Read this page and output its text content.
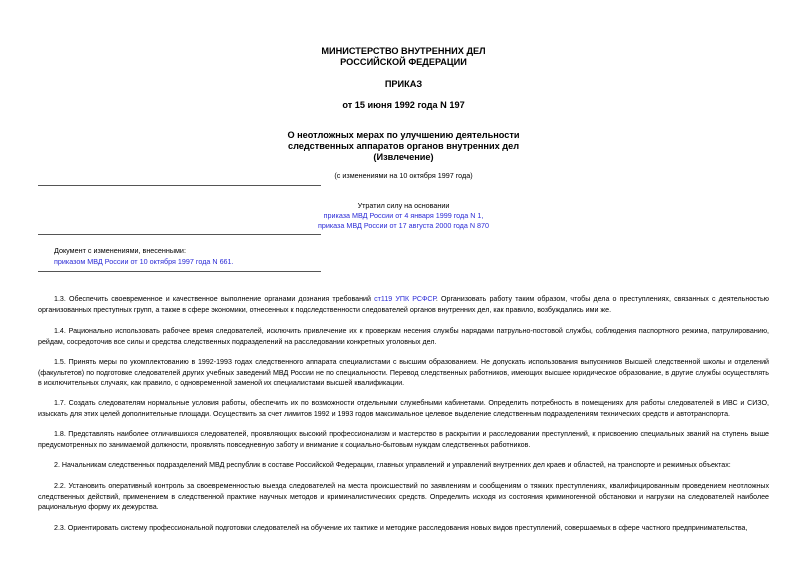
МИНИСТЕРСТВО ВНУТРЕННИХ ДЕЛ
РОССИЙСКОЙ ФЕДЕРАЦИИ
ПРИКАЗ
от 15 июня 1992 года N 197
О неотложных мерах по улучшению деятельности
следственных аппаратов органов внутренних дел
(Извлечение)
(с изменениями на 10 октября 1997 года)
Утратил силу на основании
приказа МВД России от 4 января 1999 года N 1,
приказа МВД России от 17 августа 2000 года N 870
Документ с изменениями, внесенными:
приказом МВД России от 10 октября 1997 года N 661.
1.3. Обеспечить своевременное и качественное выполнение органами дознания требований ст119 УПК РСФСР. Организовать работу таким образом, чтобы дела о преступлениях, связанных с деятельностью организованных преступных групп, а также в сфере экономики, отнесенных к подследственности следователей органов внутренних дел, как правило, возбуждались ими же.
1.4. Рационально использовать рабочее время следователей, исключить привлечение их к проверкам несения службы нарядами патрульно-постовой службы, соблюдения паспортного режима, патрулированию, рейдам, сосредоточив все силы и средства следственных подразделений на расследовании конкретных уголовных дел.
1.5. Принять меры по укомплектованию в 1992-1993 годах следственного аппарата специалистами с высшим образованием. Не допускать использования выпускников Высшей следственной школы и отделений (факультетов) по подготовке следователей других учебных заведений МВД России не по специальности. Перевод следственных работников, имеющих высшее юридическое образование, в другие службы осуществлять в исключительных случаях, как правило, с одновременной заменой их специалистами высшей квалификации.
1.7. Создать следователям нормальные условия работы, обеспечить их по возможности отдельными служебными кабинетами. Определить потребность в помещениях для работы следователей в ИВС и СИЗО, изыскать для этих целей дополнительные площади. Осуществить за счет лимитов 1992 и 1993 годов максимальное целевое выделение следственным подразделениям технических средств и автотранспорта.
1.8. Представлять наиболее отличившихся следователей, проявляющих высокий профессионализм и мастерство в раскрытии и расследовании преступлений, к присвоению специальных званий на ступень выше предусмотренных по занимаемой должности, проявлять повседневную заботу и внимание к социально-бытовым нуждам следственных работников.
2. Начальникам следственных подразделений МВД республик в составе Российской Федерации, главных управлений и управлений внутренних дел краев и областей, на транспорте и режимных объектах:
2.2. Установить оперативный контроль за своевременностью выезда следователей на места происшествий по заявлениям и сообщениям о тяжких преступлениях, квалифицированным проведением неотложных следственных действий, применением в следственной практике научных методов и криминалистических средств. Определить исходя из состояния криминогенной обстановки и нагрузки на следователей наиболее рациональную форму их дежурства.
2.3. Ориентировать систему профессиональной подготовки следователей на обучение их тактике и методике расследования новых видов преступлений, совершаемых в сфере частного предпринимательства,
